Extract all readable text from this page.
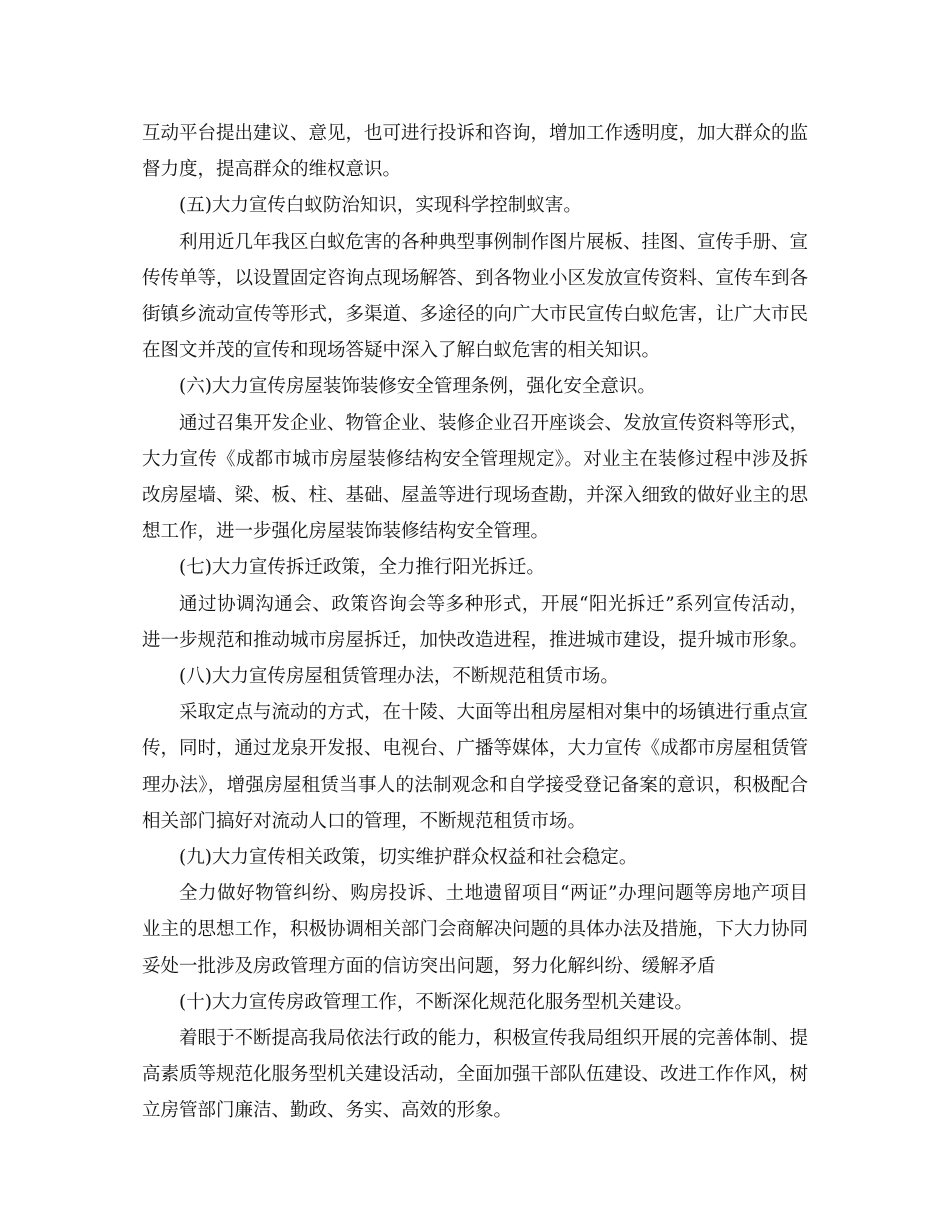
互动平台提出建议、意见，也可进行投诉和咨询，增加工作透明度，加大群众的监督力度，提高群众的维权意识。

(五)大力宣传白蚁防治知识，实现科学控制蚁害。

利用近几年我区白蚁危害的各种典型事例制作图片展板、挂图、宣传手册、宣传传单等，以设置固定咨询点现场解答、到各物业小区发放宣传资料、宣传车到各街镇乡流动宣传等形式，多渠道、多途径的向广大市民宣传白蚁危害，让广大市民在图文并茂的宣传和现场答疑中深入了解白蚁危害的相关知识。

(六)大力宣传房屋装饰装修安全管理条例，强化安全意识。

通过召集开发企业、物管企业、装修企业召开座谈会、发放宣传资料等形式，大力宣传《成都市城市房屋装修结构安全管理规定》。对业主在装修过程中涉及拆改房屋墙、梁、板、柱、基础、屋盖等进行现场查勘，并深入细致的做好业主的思想工作，进一步强化房屋装饰装修结构安全管理。

(七)大力宣传拆迁政策，全力推行阳光拆迁。

通过协调沟通会、政策咨询会等多种形式，开展“阳光拆迁”系列宣传活动，进一步规范和推动城市房屋拆迁，加快改造进程，推进城市建设，提升城市形象。

(八)大力宣传房屋租赁管理办法，不断规范租赁市场。

采取定点与流动的方式，在十陵、大面等出租房屋相对集中的场镇进行重点宣传，同时，通过龙泉开发报、电视台、广播等媒体，大力宣传《成都市房屋租赁管理办法》，增强房屋租赁当事人的法制观念和自学接受登记备案的意识，积极配合相关部门搞好对流动人口的管理，不断规范租赁市场。

(九)大力宣传相关政策，切实维护群众权益和社会稳定。

全力做好物管纠纷、购房投诉、土地遗留项目“两证”办理问题等房地产项目业主的思想工作，积极协调相关部门会商解决问题的具体办法及措施，下大力协同妥处一批涉及房政管理方面的信访突出问题，努力化解纠纷、缓解矛盾

(十)大力宣传房政管理工作，不断深化规范化服务型机关建设。

着眼于不断提高我局依法行政的能力，积极宣传我局组织开展的完善体制、提高素质等规范化服务型机关建设活动，全面加强干部队伍建设、改进工作作风，树立房管部门廉洁、勤政、务实、高效的形象。
